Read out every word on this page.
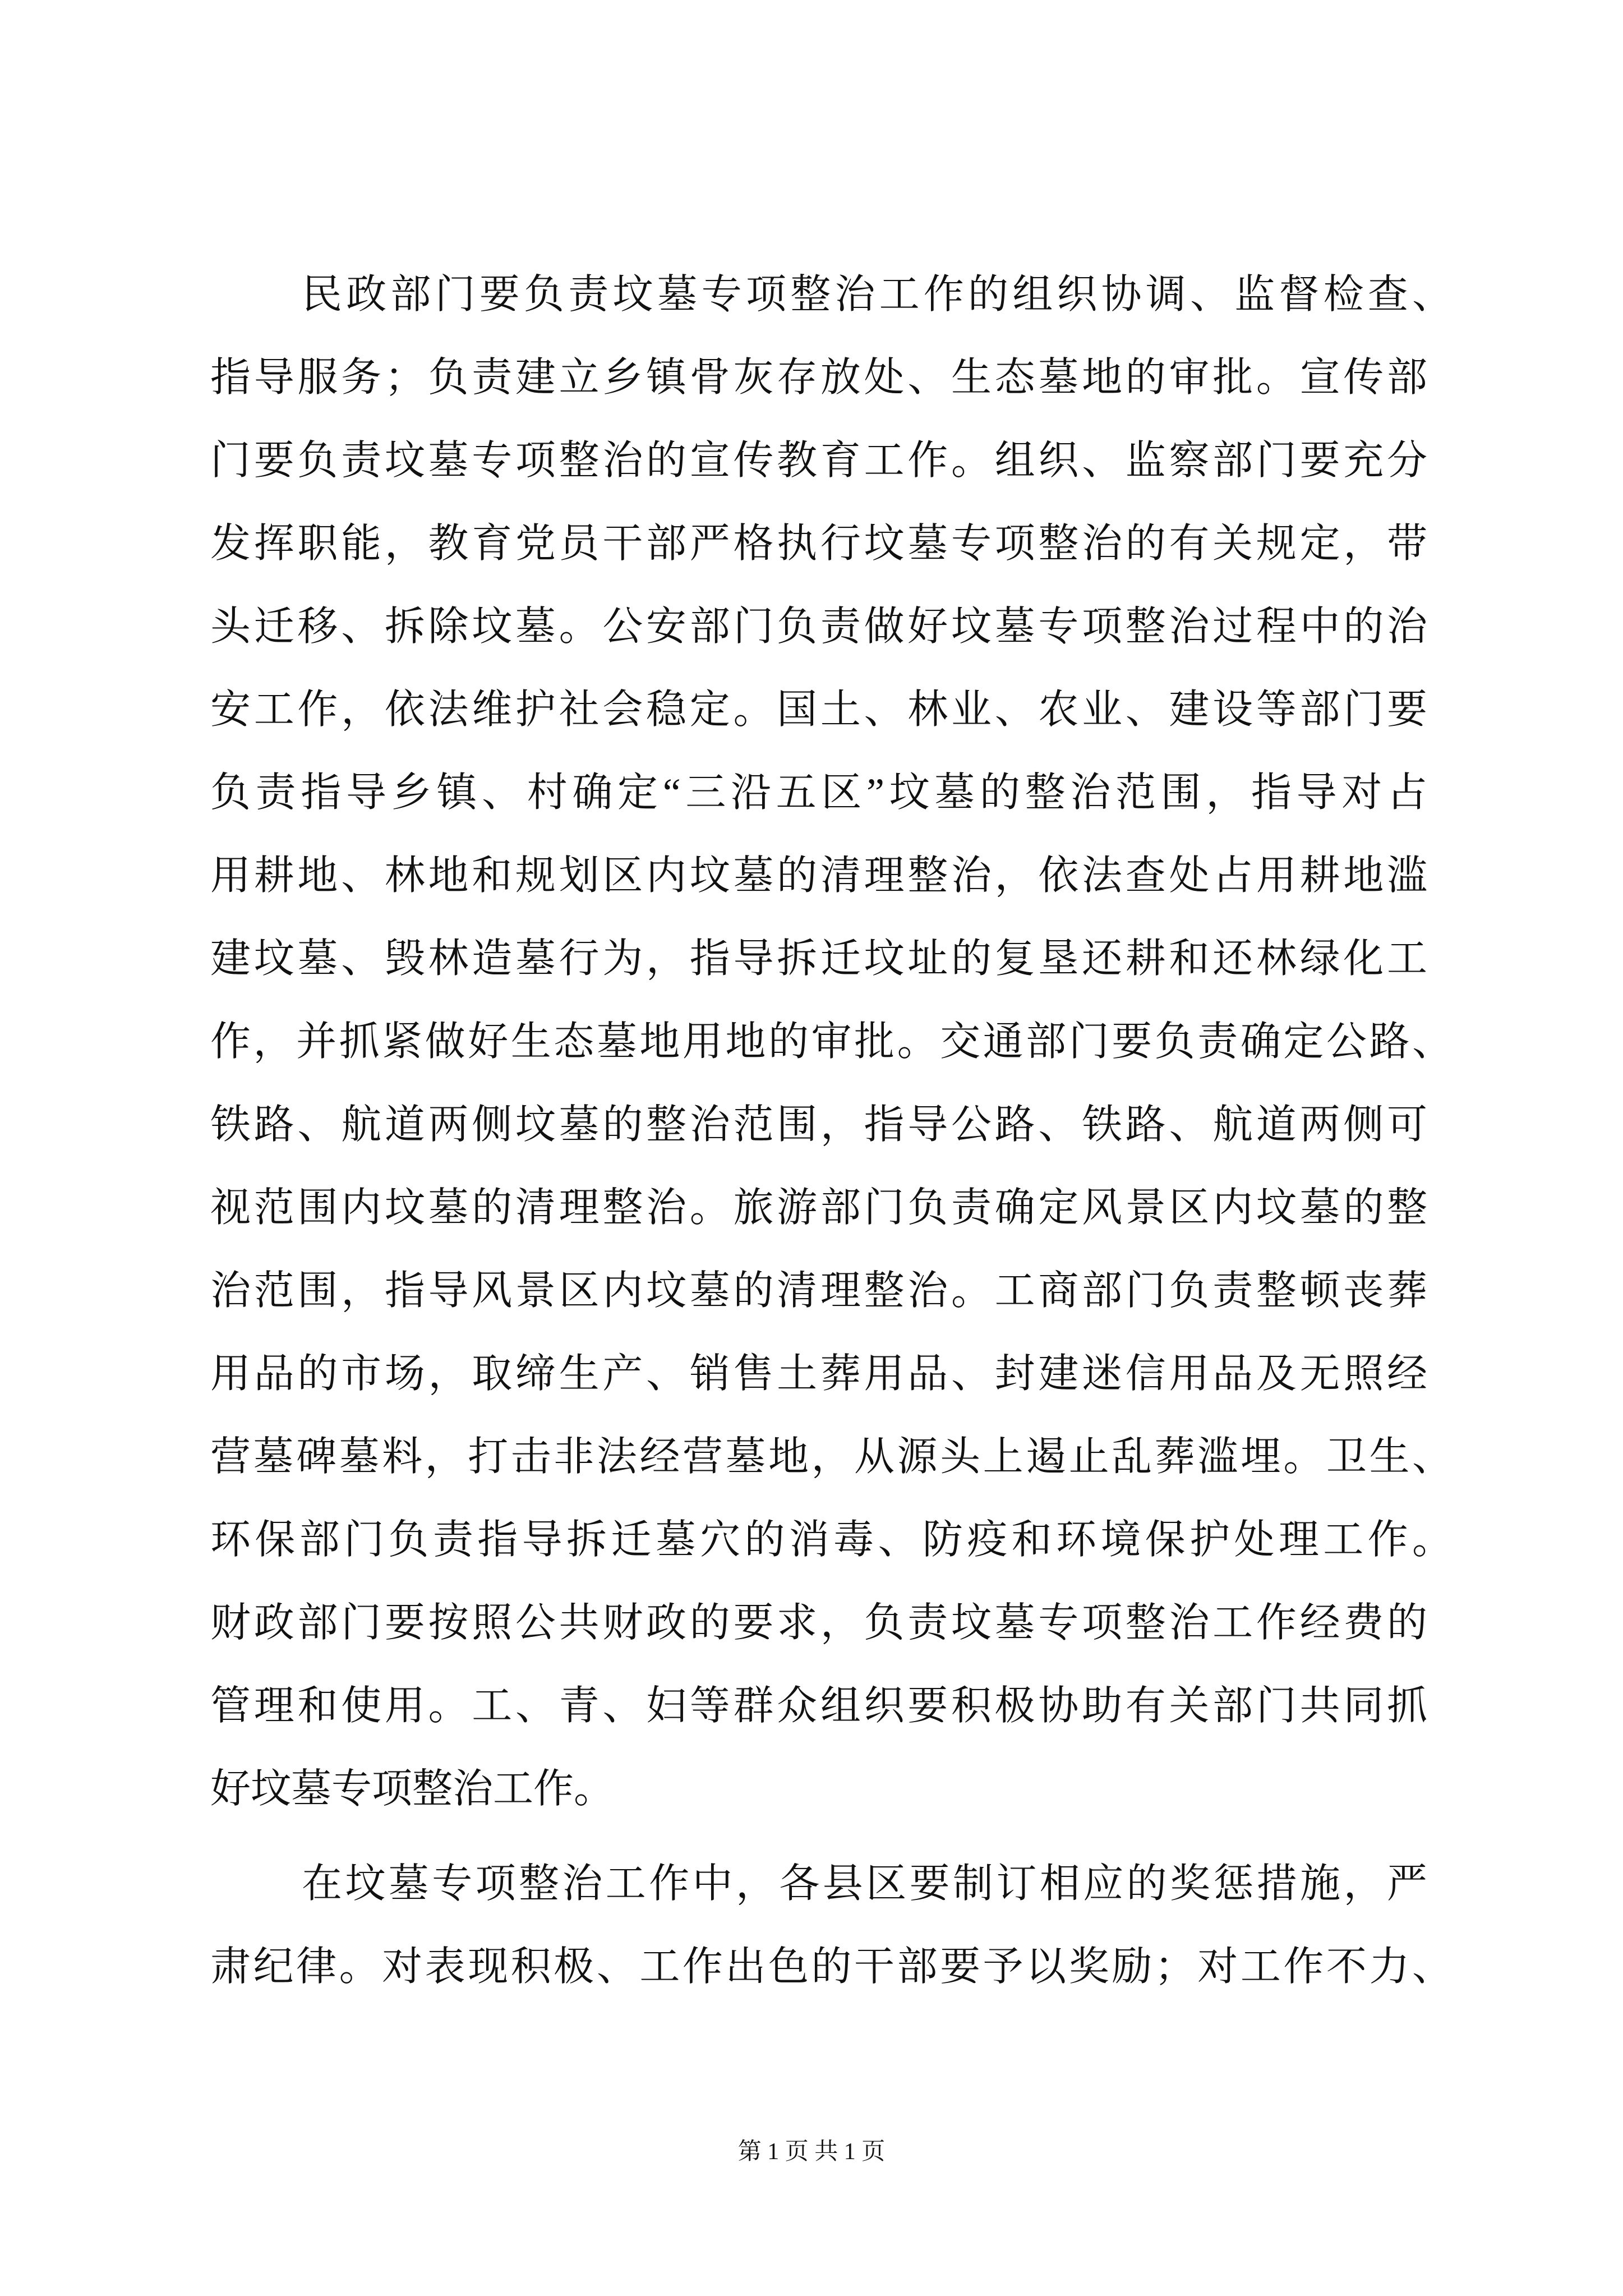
民政部门要负责坟墓专项整治工作的组织协调、监督检查、
指导服务；负责建立乡镇骨灰存放处、生态墓地的审批。宣传部
门要负责坟墓专项整治的宣传教育工作。组织、监察部门要充分
发挥职能，教育党员干部严格执行坟墓专项整治的有关规定，带
头迁移、拆除坟墓。公安部门负责做好坟墓专项整治过程中的治
安工作，依法维护社会稳定。国土、林业、农业、建设等部门要
负责指导乡镇、村确定“三沿五区”坟墓的整治范围，指导对占
用耕地、林地和规划区内坟墓的清理整治，依法查处占用耕地滥
建坟墓、毁林造墓行为，指导拆迁坟址的复垦还耕和还林绿化工
作，并抓紧做好生态墓地用地的审批。交通部门要负责确定公路、
铁路、航道两侧坟墓的整治范围，指导公路、铁路、航道两侧可
视范围内坟墓的清理整治。旅游部门负责确定风景区内坟墓的整
治范围，指导风景区内坟墓的清理整治。工商部门负责整顿丧葬
用品的市场，取缔生产、销售土葬用品、封建迷信用品及无照经
营墓碑墓料，打击非法经营墓地，从源头上遏止乱葬滥埋。卫生、
环保部门负责指导拆迁墓穴的消毒、防疫和环境保护处理工作。
财政部门要按照公共财政的要求，负责坟墓专项整治工作经费的
管理和使用。工、青、妇等群众组织要积极协助有关部门共同抓
好坟墓专项整治工作。
在坟墓专项整治工作中，各县区要制订相应的奖惩措施，严
肃纪律。对表现积极、工作出色的干部要予以奖励；对工作不力、
第 1 页 共 1 页
